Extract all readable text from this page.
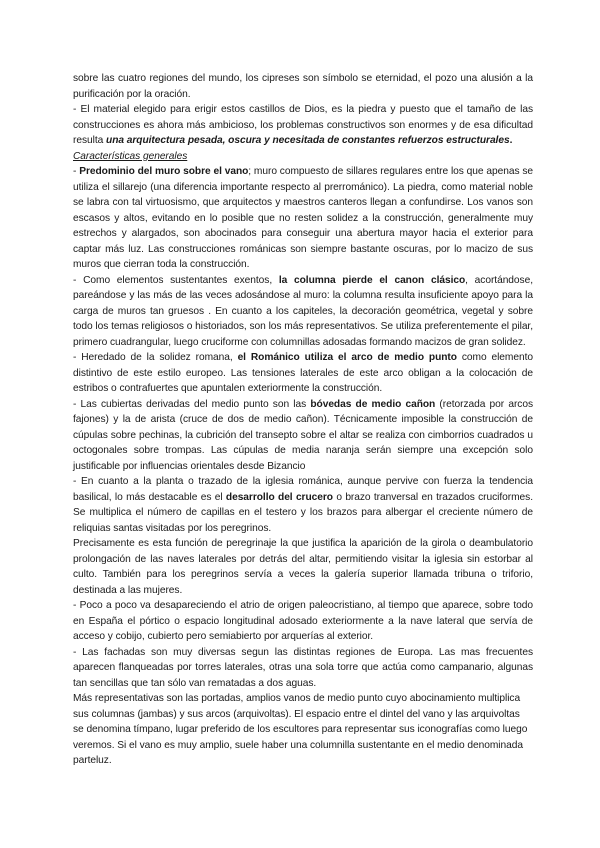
sobre las cuatro regiones del mundo, los cipreses son símbolo se eternidad, el pozo una alusión a la purificación por la oración.

- El material elegido para erigir estos castillos de Dios, es la piedra y puesto que el tamaño de las construcciones es ahora más ambicioso, los problemas constructivos son enormes y de esa dificultad resulta una arquitectura pesada, oscura y necesitada de constantes refuerzos estructurales.

Características generales

- Predominio del muro sobre el vano; muro compuesto de sillares regulares entre los que apenas se utiliza el sillarejo (una diferencia importante respecto al prerrománico). La piedra, como material noble se labra con tal virtuosismo, que arquitectos y maestros canteros llegan a confundirse. Los vanos son escasos y altos, evitando en lo posible que no resten solidez a la construcción, generalmente muy estrechos y alargados, son abocinados para conseguir una abertura mayor hacia el exterior para captar más luz. Las construcciones románicas son siempre bastante oscuras, por lo macizo de sus muros que cierran toda la construcción.

- Como elementos sustentantes exentos, la columna pierde el canon clásico, acortándose, pareándose y las más de las veces adosándose al muro: la columna resulta insuficiente apoyo para la carga de muros tan gruesos . En cuanto a los capiteles, la decoración geométrica, vegetal y sobre todo los temas religiosos o historiados, son los más representativos. Se utiliza preferentemente el pilar, primero cuadrangular, luego cruciforme con columnillas adosadas formando macizos de gran solidez.

- Heredado de la solidez romana, el Románico utiliza el arco de medio punto como elemento distintivo de este estilo europeo. Las tensiones laterales de este arco obligan a la colocación de estribos o contrafuertes que apuntalen exteriormente la construcción.

- Las cubiertas derivadas del medio punto son las bóvedas de medio cañon (retorzada por arcos fajones) y la de arista (cruce de dos de medio cañon). Técnicamente imposible la construcción de cúpulas sobre pechinas, la cubrición del transepto sobre el altar se realiza con cimborrios cuadrados u octogonales sobre trompas. Las cúpulas de media naranja serán siempre una excepción solo justificable por influencias orientales desde Bizancio

- En cuanto a la planta o trazado de la iglesia románica, aunque pervive con fuerza la tendencia basilical, lo más destacable es el desarrollo del crucero o brazo tranversal en trazados cruciformes. Se multiplica el número de capillas en el testero y los brazos para albergar el creciente número de reliquias santas visitadas por los peregrinos.

Precisamente es esta función de peregrinaje la que justifica la aparición de la girola o deambulatorio prolongación de las naves laterales por detrás del altar, permitiendo visitar la iglesia sin estorbar al culto. También para los peregrinos servía a veces la galería superior llamada tribuna o triforio, destinada a las mujeres.

- Poco a poco va desapareciendo el atrio de origen paleocristiano, al tiempo que aparece, sobre todo en España el pórtico o espacio longitudinal adosado exteriormente a la nave lateral que servía de acceso y cobijo, cubierto pero semiabierto por arquerías al exterior.

- Las fachadas son muy diversas segun las distintas regiones de Europa. Las mas frecuentes aparecen flanqueadas por torres laterales, otras una sola torre que actúa como campanario, algunas tan sencillas que tan sólo van rematadas a dos aguas.

Más representativas son las portadas, amplios vanos de medio punto cuyo abocinamiento multiplica sus columnas (jambas) y sus arcos (arquivoltas). El espacio entre el dintel del vano y las arquivoltas se denomina tímpano, lugar preferido de los escultores para representar sus iconografías como luego

veremos. Si el vano es muy amplio, suele haber una columnilla sustentante en el medio denominada parteluz.
